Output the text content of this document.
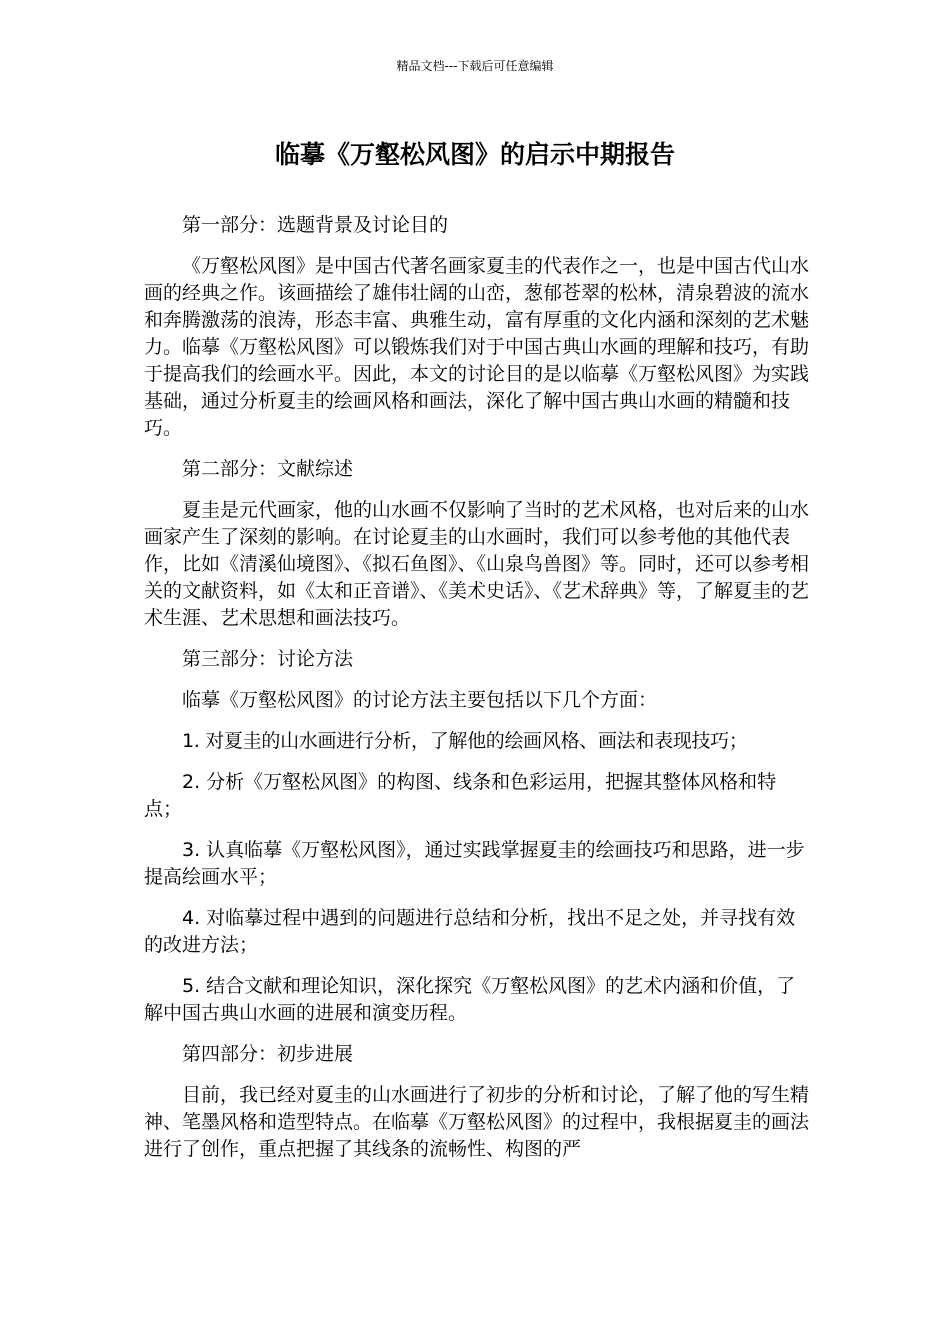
精品文档---下载后可任意编辑
临摹《万壑松风图》的启示中期报告

第一部分：选题背景及讨论目的

《万壑松风图》是中国古代著名画家夏圭的代表作之一，也是中国古代山水画的经典之作。该画描绘了雄伟壮阔的山峦，葱郁苍翠的松林，清泉碧波的流水和奔腾激荡的浪涛，形态丰富、典雅生动，富有厚重的文化内涵和深刻的艺术魅力。临摹《万壑松风图》可以锻炼我们对于中国古典山水画的理解和技巧，有助于提高我们的绘画水平。因此，本文的讨论目的是以临摹《万壑松风图》为实践基础，通过分析夏圭的绘画风格和画法，深化了解中国古典山水画的精髓和技巧。

第二部分：文献综述

夏圭是元代画家，他的山水画不仅影响了当时的艺术风格，也对后来的山水画家产生了深刻的影响。在讨论夏圭的山水画时，我们可以参考他的其他代表作，比如《清溪仙境图》、《拟石鱼图》、《山泉鸟兽图》等。同时，还可以参考相关的文献资料，如《太和正音谱》、《美术史话》、《艺术辞典》等，了解夏圭的艺术生涯、艺术思想和画法技巧。

第三部分：讨论方法

临摹《万壑松风图》的讨论方法主要包括以下几个方面：

1. 对夏圭的山水画进行分析，了解他的绘画风格、画法和表现技巧；

2. 分析《万壑松风图》的构图、线条和色彩运用，把握其整体风格和特点；

3. 认真临摹《万壑松风图》，通过实践掌握夏圭的绘画技巧和思路，进一步提高绘画水平；

4. 对临摹过程中遇到的问题进行总结和分析，找出不足之处，并寻找有效的改进方法；

5. 结合文献和理论知识，深化探究《万壑松风图》的艺术内涵和价值，了解中国古典山水画的进展和演变历程。

第四部分：初步进展

目前，我已经对夏圭的山水画进行了初步的分析和讨论，了解了他的写生精神、笔墨风格和造型特点。在临摹《万壑松风图》的过程中，我根据夏圭的画法进行了创作，重点把握了其线条的流畅性、构图的严
